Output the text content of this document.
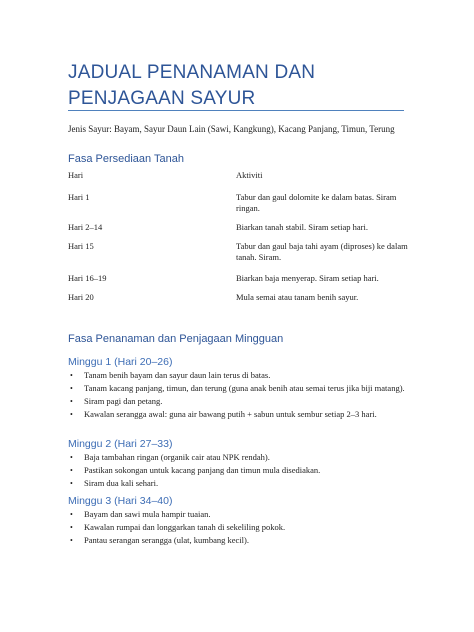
JADUAL PENANAMAN DAN PENJAGAAN SAYUR
Jenis Sayur: Bayam, Sayur Daun Lain (Sawi, Kangkung), Kacang Panjang, Timun, Terung
Fasa Persediaan Tanah
Hari	Aktiviti
Hari 1	Tabur dan gaul dolomite ke dalam batas. Siram ringan.
Hari 2–14	Biarkan tanah stabil. Siram setiap hari.
Hari 15	Tabur dan gaul baja tahi ayam (diproses) ke dalam tanah. Siram.
Hari 16–19	Biarkan baja menyerap. Siram setiap hari.
Hari 20	Mula semai atau tanam benih sayur.
Fasa Penanaman dan Penjagaan Mingguan
Minggu 1 (Hari 20–26)
• Tanam benih bayam dan sayur daun lain terus di batas.
• Tanam kacang panjang, timun, dan terung (guna anak benih atau semai terus jika biji matang).
• Siram pagi dan petang.
• Kawalan serangga awal: guna air bawang putih + sabun untuk sembur setiap 2–3 hari.
Minggu 2 (Hari 27–33)
• Baja tambahan ringan (organik cair atau NPK rendah).
• Pastikan sokongan untuk kacang panjang dan timun mula disediakan.
• Siram dua kali sehari.
Minggu 3 (Hari 34–40)
• Bayam dan sawi mula hampir tuaian.
• Kawalan rumpai dan longgarkan tanah di sekeliling pokok.
• Pantau serangan serangga (ulat, kumbang kecil).
